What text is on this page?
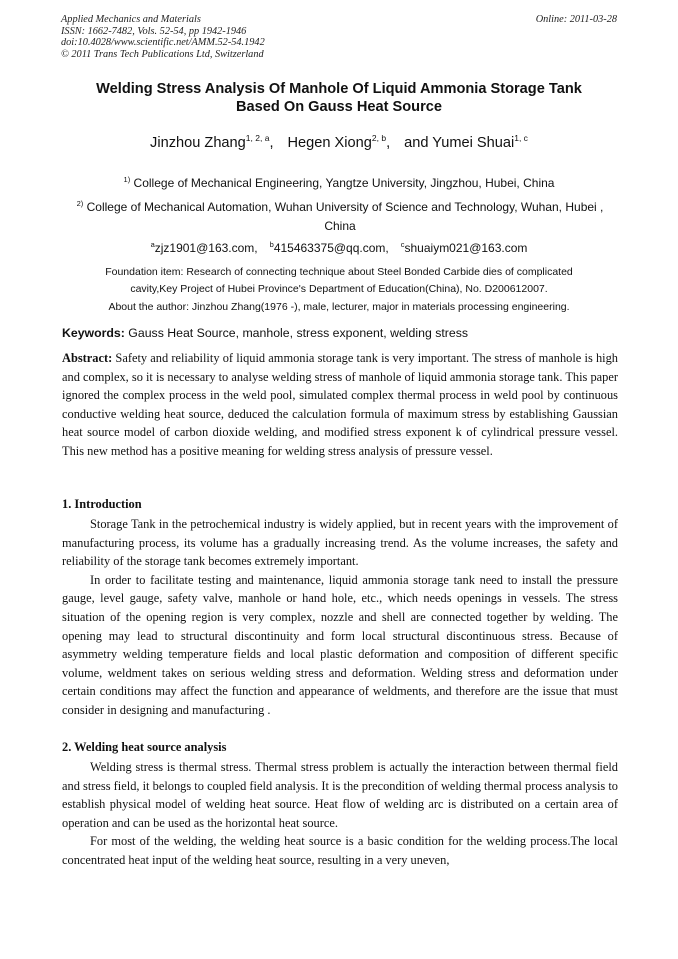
Applied Mechanics and Materials	Online: 2011-03-28
ISSN: 1662-7482, Vols. 52-54, pp 1942-1946
doi:10.4028/www.scientific.net/AMM.52-54.1942
© 2011 Trans Tech Publications Ltd, Switzerland
Welding Stress Analysis Of Manhole Of Liquid Ammonia Storage Tank
Based On Gauss Heat Source
Jinzhou Zhang$^{1, 2, a}$, Hegen Xiong$^{2, b}$, and Yumei Shuai$^{1, c}$
$^{1)}$ College of Mechanical Engineering, Yangtze University, Jingzhou, Hubei, China
$^{2)}$ College of Mechanical Automation, Wuhan University of Science and Technology, Wuhan, Hubei , China
$^a$zjz1901@163.com, $^b$415463375@qq.com, $^c$shuaiym021@163.com
Foundation item: Research of connecting technique about Steel Bonded Carbide dies of complicated
cavity,Key Project of Hubei Province's Department of Education(China), No. D200612007.
About the author: Jinzhou Zhang(1976 -), male, lecturer, major in materials processing engineering.
Keywords: Gauss Heat Source, manhole, stress exponent, welding stress
Abstract: Safety and reliability of liquid ammonia storage tank is very important. The stress of manhole is high and complex, so it is necessary to analyse welding stress of manhole of liquid ammonia storage tank. This paper ignored the complex process in the weld pool, simulated complex thermal process in weld pool by continuous conductive welding heat source, deduced the calculation formula of maximum stress by establishing Gaussian heat source model of carbon dioxide welding, and modified stress exponent k of cylindrical pressure vessel. This new method has a positive meaning for welding stress analysis of pressure vessel.
1. Introduction

Storage Tank in the petrochemical industry is widely applied, but in recent years with the improvement of manufacturing process, its volume has a gradually increasing trend. As the volume increases, the safety and reliability of the storage tank becomes extremely important.

In order to facilitate testing and maintenance, liquid ammonia storage tank need to install the pressure gauge, level gauge, safety valve, manhole or hand hole, etc., which needs openings in vessels. The stress situation of the opening region is very complex, nozzle and shell are connected together by welding. The opening may lead to structural discontinuity and form local structural discontinuous stress. Because of asymmetry welding temperature fields and local plastic deformation and composition of different specific volume, weldment takes on serious welding stress and deformation. Welding stress and deformation under certain conditions may affect the function and appearance of weldments, and therefore are the issue that must consider in designing and manufacturing .

2. Welding heat source analysis

Welding stress is thermal stress. Thermal stress problem is actually the interaction between thermal field and stress field, it belongs to coupled field analysis. It is the precondition of welding thermal process analysis to establish physical model of welding heat source. Heat flow of welding arc is distributed on a certain area of operation and can be used as the horizontal heat source.

For most of the welding, the welding heat source is a basic condition for the welding process.The local concentrated heat input of the welding heat source, resulting in a very uneven,
